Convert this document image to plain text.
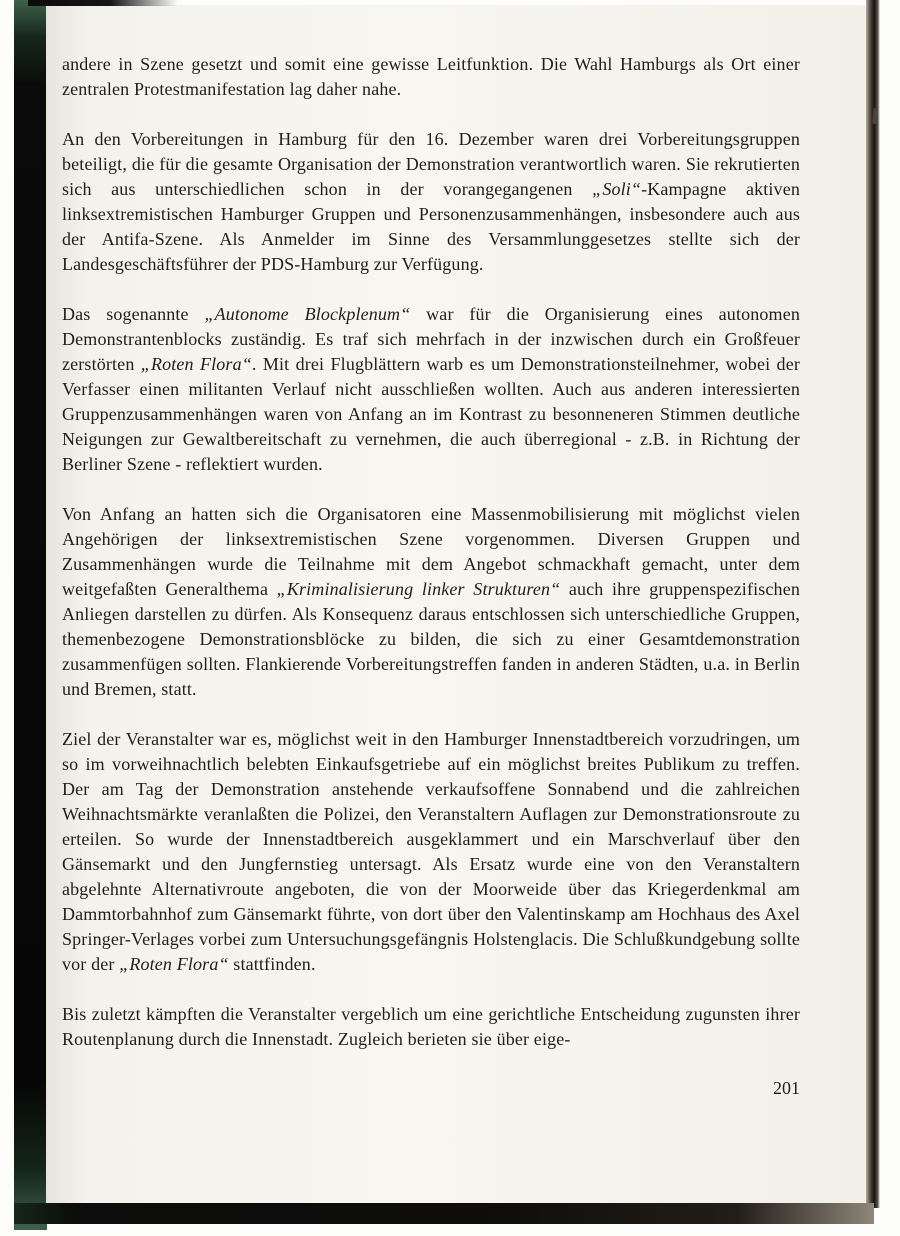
andere in Szene gesetzt und somit eine gewisse Leitfunktion. Die Wahl Hamburgs als Ort einer zentralen Protestmanifestation lag daher nahe.

An den Vorbereitungen in Hamburg für den 16. Dezember waren drei Vorbereitungsgruppen beteiligt, die für die gesamte Organisation der Demonstration verantwortlich waren. Sie rekrutierten sich aus unterschiedlichen schon in der vorangegangenen „Soli“-Kampagne aktiven linksextremistischen Hamburger Gruppen und Personenzusammenhängen, insbesondere auch aus der Antifa-Szene. Als Anmelder im Sinne des Versammlunggesetzes stellte sich der Landesgeschäftsführer der PDS-Hamburg zur Verfügung.

Das sogenannte „Autonome Blockplenum“ war für die Organisierung eines autonomen Demonstrantenblocks zuständig. Es traf sich mehrfach in der inzwischen durch ein Großfeuer zerstörten „Roten Flora“. Mit drei Flugblättern warb es um Demonstrationsteilnehmer, wobei der Verfasser einen militanten Verlauf nicht ausschließen wollten. Auch aus anderen interessierten Gruppenzusammenhängen waren von Anfang an im Kontrast zu besonneneren Stimmen deutliche Neigungen zur Gewaltbereitschaft zu vernehmen, die auch überregional - z.B. in Richtung der Berliner Szene - reflektiert wurden.

Von Anfang an hatten sich die Organisatoren eine Massenmobilisierung mit möglichst vielen Angehörigen der linksextremistischen Szene vorgenommen. Diversen Gruppen und Zusammenhängen wurde die Teilnahme mit dem Angebot schmackhaft gemacht, unter dem weitgefaßten Generalthema „Kriminalisierung linker Strukturen“ auch ihre gruppenspezifischen Anliegen darstellen zu dürfen. Als Konsequenz daraus entschlossen sich unterschiedliche Gruppen, themenbezogene Demonstrationsblöcke zu bilden, die sich zu einer Gesamtdemonstration zusammenfügen sollten. Flankierende Vorbereitungstreffen fanden in anderen Städten, u.a. in Berlin und Bremen, statt.

Ziel der Veranstalter war es, möglichst weit in den Hamburger Innenstadtbereich vorzudringen, um so im vorweihnachtlich belebten Einkaufsgetriebe auf ein möglichst breites Publikum zu treffen. Der am Tag der Demonstration anstehende verkaufsoffene Sonnabend und die zahlreichen Weihnachtsmärkte veranlaßten die Polizei, den Veranstaltern Auflagen zur Demonstrationsroute zu erteilen. So wurde der Innenstadtbereich ausgeklammert und ein Marschverlauf über den Gänsemarkt und den Jungfernstieg untersagt. Als Ersatz wurde eine von den Veranstaltern abgelehnte Alternativroute angeboten, die von der Moorweide über das Kriegerdenkmal am Dammtorbahnhof zum Gänsemarkt führte, von dort über den Valentinskamp am Hochhaus des Axel Springer-Verlages vorbei zum Untersuchungsgefängnis Holstenglacis. Die Schlußkundgebung sollte vor der „Roten Flora“ stattfinden.

Bis zuletzt kämpften die Veranstalter vergeblich um eine gerichtliche Entscheidung zugunsten ihrer Routenplanung durch die Innenstadt. Zugleich berieten sie über eige-

201
